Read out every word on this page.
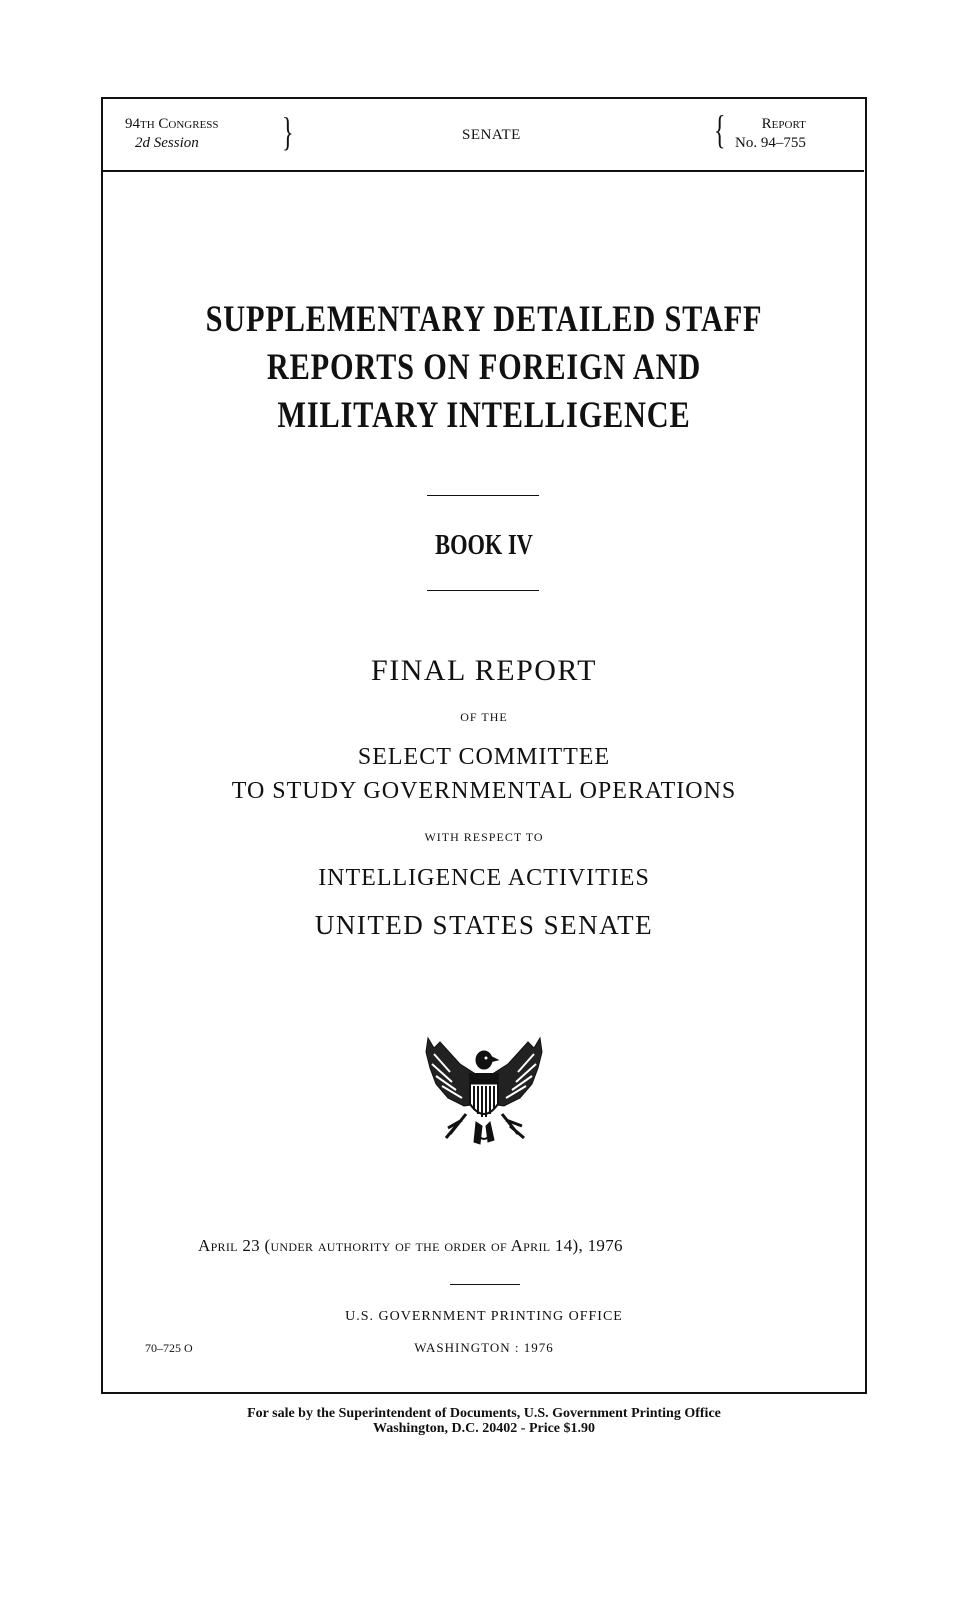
94th Congress
2d Session	}	SENATE	{	Report
No. 94–755
SUPPLEMENTARY DETAILED STAFF
REPORTS ON FOREIGN AND
MILITARY INTELLIGENCE
BOOK IV
FINAL REPORT
OF THE
SELECT COMMITTEE
TO STUDY GOVERNMENTAL OPERATIONS
WITH RESPECT TO
INTELLIGENCE ACTIVITIES
UNITED STATES SENATE
April 23 (under authority of the order of April 14), 1976
U.S. GOVERNMENT PRINTING OFFICE
70–725 O	WASHINGTON : 1976
For sale by the Superintendent of Documents, U.S. Government Printing Office
Washington, D.C. 20402 - Price $1.90
